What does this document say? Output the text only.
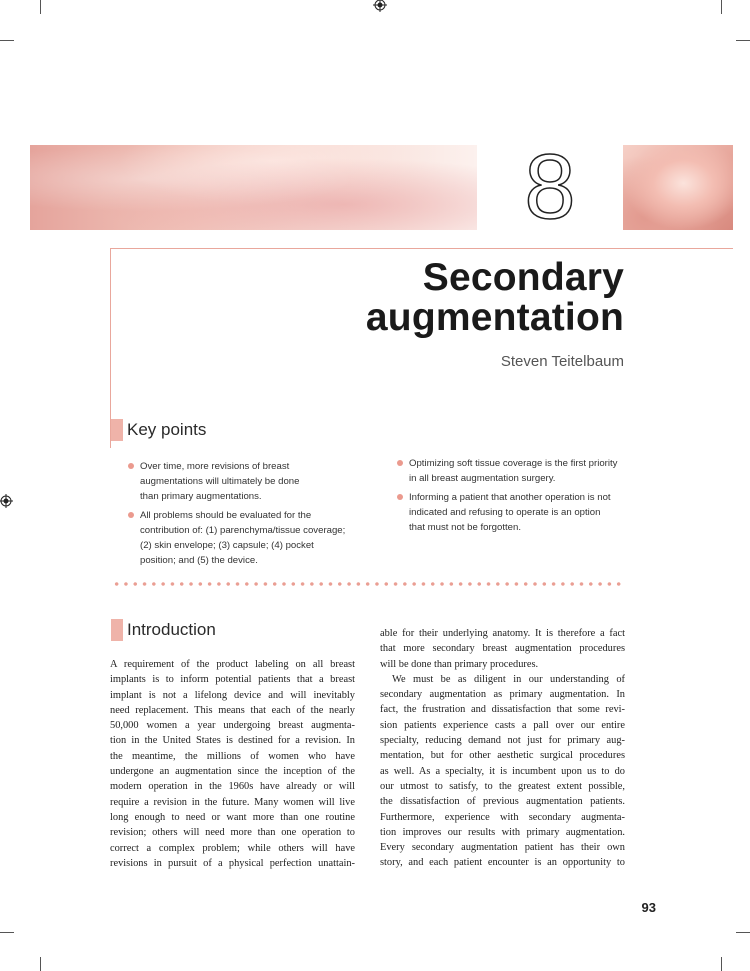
8
Secondary
augmentation
Steven Teitelbaum
Key points
Over time, more revisions of breast
augmentations will ultimately be done
than primary augmentations.
All problems should be evaluated for the
contribution of: (1) parenchyma/tissue coverage;
(2) skin envelope; (3) capsule; (4) pocket
position; and (5) the device.
Optimizing soft tissue coverage is the first priority
in all breast augmentation surgery.
Informing a patient that another operation is not
indicated and refusing to operate is an option
that must not be forgotten.
Introduction
A requirement of the product labeling on all breast
implants is to inform potential patients that a breast
implant is not a lifelong device and will inevitably
need replacement. This means that each of the nearly
50,000 women a year undergoing breast augmenta-
tion in the United States is destined for a revision. In
the meantime, the millions of women who have
undergone an augmentation since the inception of the
modern operation in the 1960s have already or will
require a revision in the future. Many women will live
long enough to need or want more than one routine
revision; others will need more than one operation to
correct a complex problem; while others will have
revisions in pursuit of a physical perfection unattain-
able for their underlying anatomy. It is therefore a fact
that more secondary breast augmentation procedures
will be done than primary procedures.
We must be as diligent in our understanding of
secondary augmentation as primary augmentation. In
fact, the frustration and dissatisfaction that some revi-
sion patients experience casts a pall over our entire
specialty, reducing demand not just for primary aug-
mentation, but for other aesthetic surgical procedures
as well. As a specialty, it is incumbent upon us to do
our utmost to satisfy, to the greatest extent possible,
the dissatisfaction of previous augmentation patients.
Furthermore, experience with secondary augmenta-
tion improves our results with primary augmentation.
Every secondary augmentation patient has their own
story, and each patient encounter is an opportunity to
93
